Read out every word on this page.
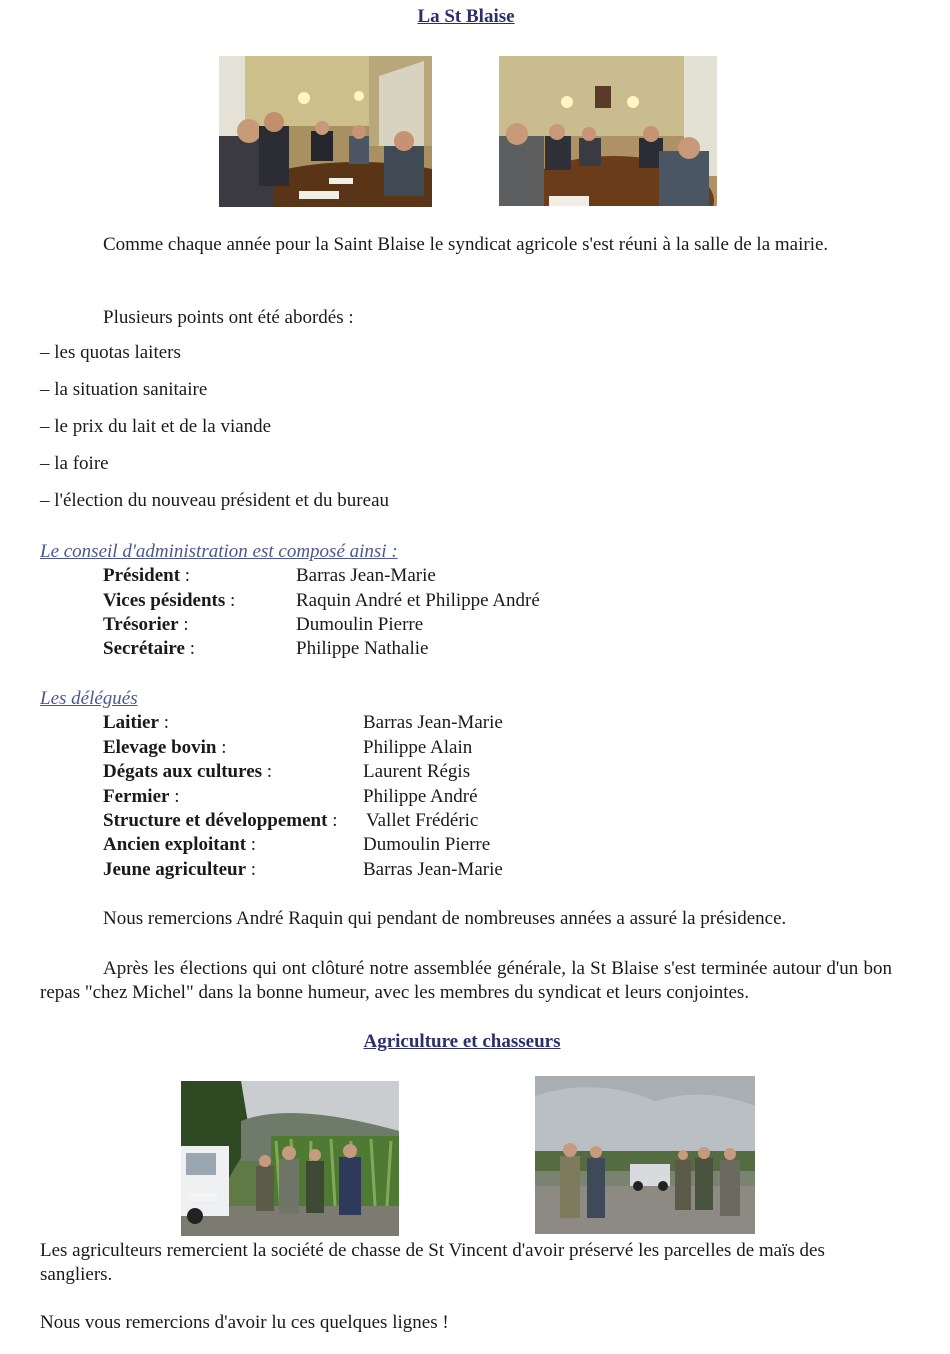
La St Blaise
Comme chaque année pour la Saint Blaise le syndicat agricole s'est réuni à la salle de la mairie.
Plusieurs points ont été abordés :
– les quotas laiters
– la situation sanitaire
– le prix du lait et de la viande
– la foire
– l'élection du nouveau président et du bureau
Le conseil d'administration est composé ainsi :
Président :	Barras Jean-Marie
Vices pésidents :	Raquin André et Philippe André
Trésorier :	Dumoulin Pierre
Secrétaire :	Philippe Nathalie
Les délégués
Laitier :	Barras Jean-Marie
Elevage bovin :	Philippe Alain
Dégats aux cultures :	Laurent Régis
Fermier :	Philippe André
Structure et développement : Vallet Frédéric
Ancien exploitant :	Dumoulin Pierre
Jeune agriculteur :	Barras Jean-Marie
Nous remercions André Raquin qui pendant de nombreuses années a assuré la présidence.
Après les élections qui ont clôturé notre assemblée générale, la St Blaise s'est terminée autour d'un bon repas "chez Michel" dans la bonne humeur, avec les membres du syndicat et leurs conjointes.
Agriculture et chasseurs
Les agriculteurs remercient la société de chasse de St Vincent d'avoir préservé les parcelles de maïs des sangliers.
Nous vous remercions d'avoir lu ces quelques lignes !
